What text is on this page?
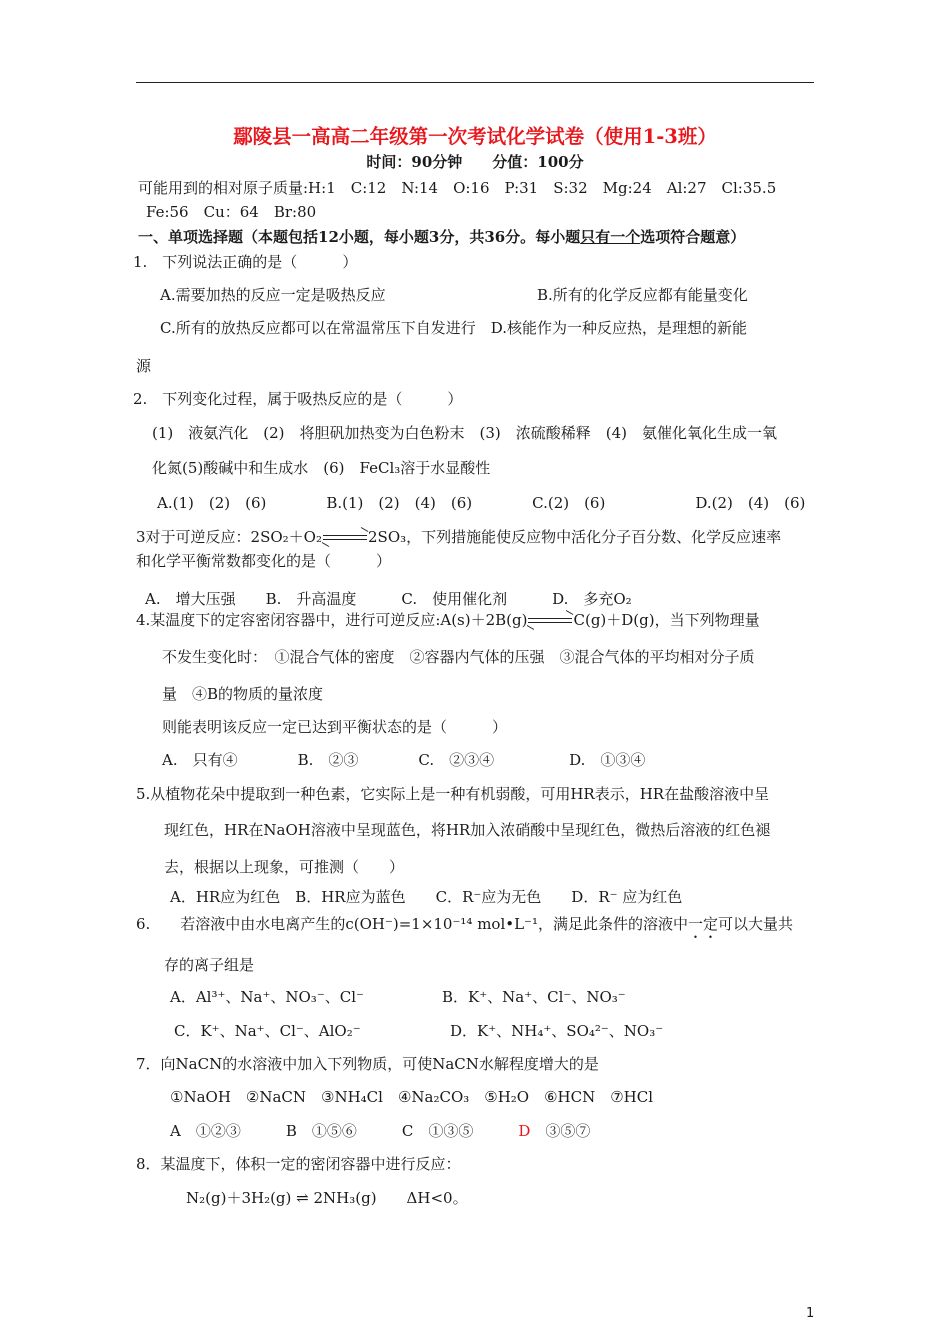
鄢陵县一高高二年级第一次考试化学试卷（使用1-3班）
时间：90分钟　　分值：100分
可能用到的相对原子质量:H:1　C:12　N:14　O:16　P:31　S:32　Mg:24　Al:27　Cl:35.5
Fe:56　Cu：64　Br:80
一、单项选择题（本题包括12小题，每小题3分，共36分。每小题只有一个选项符合题意）
1.　下列说法正确的是（　　　）
A.需要加热的反应一定是吸热反应	B.所有的化学反应都有能量变化
C.所有的放热反应都可以在常温常压下自发进行　D.核能作为一种反应热，是理想的新能
源
2.　下列变化过程，属于吸热反应的是（　　　）
(1)　液氨汽化　(2)　将胆矾加热变为白色粉末　(3)　浓硫酸稀释　(4)　氨催化氧化生成一氧
化氮(5)酸碱中和生成水　(6)　FeCl₃溶于水显酸性
A.(1)　(2)　(6)　　　　B.(1)　(2)　(4)　(6)　　　　C.(2)　(6)　　　　　　D.(2)　(4)　(6)
3对于可逆反应：2SO₂＋O₂	2SO₃，下列措施能使反应物中活化分子百分数、化学反应速率
和化学平衡常数都变化的是（　　　）
A.　增大压强　　B.　升高温度　　　C.　使用催化剂　　　D.　多充O₂
4.某温度下的定容密闭容器中，进行可逆反应:A(s)＋2B(g)	C(g)＋D(g)，当下列物理量
不发生变化时：　①混合气体的密度　②容器内气体的压强　③混合气体的平均相对分子质
量　④B的物质的量浓度
则能表明该反应一定已达到平衡状态的是（　　　）
A.　只有④　　　　B.　②③　　　　C.　②③④　　　　　D.　①③④
5.从植物花朵中提取到一种色素，它实际上是一种有机弱酸，可用HR表示，HR在盐酸溶液中呈
现红色，HR在NaOH溶液中呈现蓝色，将HR加入浓硝酸中呈现红色，微热后溶液的红色褪
去，根据以上现象，可推测（　　）
A．HR应为红色　B．HR应为蓝色　　C．R⁻应为无色　　D．R⁻ 应为红色
6.　　若溶液中由水电离产生的c(OH⁻)=1×10⁻¹⁴ mol•L⁻¹，满足此条件的溶液中一定可以大量共
存的离子组是
A．Al³⁺、Na⁺、NO₃⁻、Cl⁻	B．K⁺、Na⁺、Cl⁻、NO₃⁻
C．K⁺、Na⁺、Cl⁻、AlO₂⁻	D．K⁺、NH₄⁺、SO₄²⁻、NO₃⁻
7．向NaCN的水溶液中加入下列物质，可使NaCN水解程度增大的是
①NaOH　②NaCN　③NH₄Cl　④Na₂CO₃　⑤H₂O　⑥HCN　⑦HCl
A　①②③　　　B　①⑤⑥　　　C　①③⑤　　　D　③⑤⑦
8．某温度下，体积一定的密闭容器中进行反应：
N₂(g)＋3H₂(g) ⇌ 2NH₃(g)　　ΔH<0。
1
